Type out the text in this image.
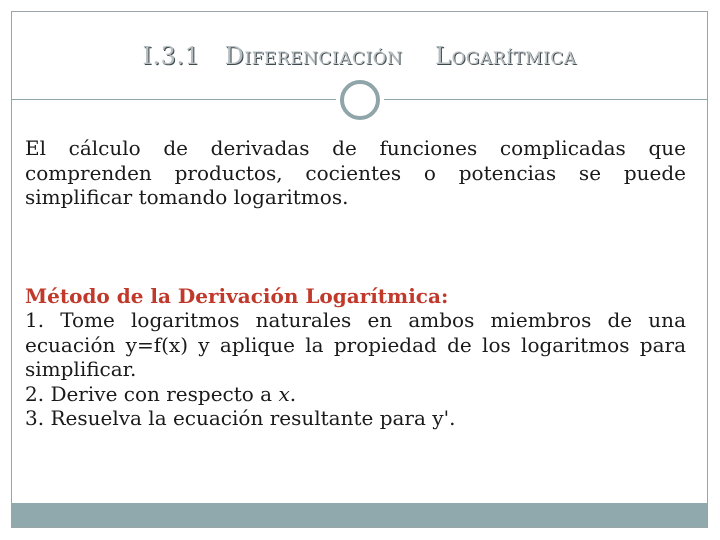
I.3.1 DIFERENCIACIÓN LOGARÍTMICA

El cálculo de derivadas de funciones complicadas que comprenden productos, cocientes o potencias se puede simplificar tomando logaritmos.

Método de la Derivación Logarítmica:

1. Tome logaritmos naturales en ambos miembros de una ecuación y=f(x) y aplique la propiedad de los logaritmos para simplificar.

2. Derive con respecto a x.

3. Resuelva la ecuación resultante para y'.
